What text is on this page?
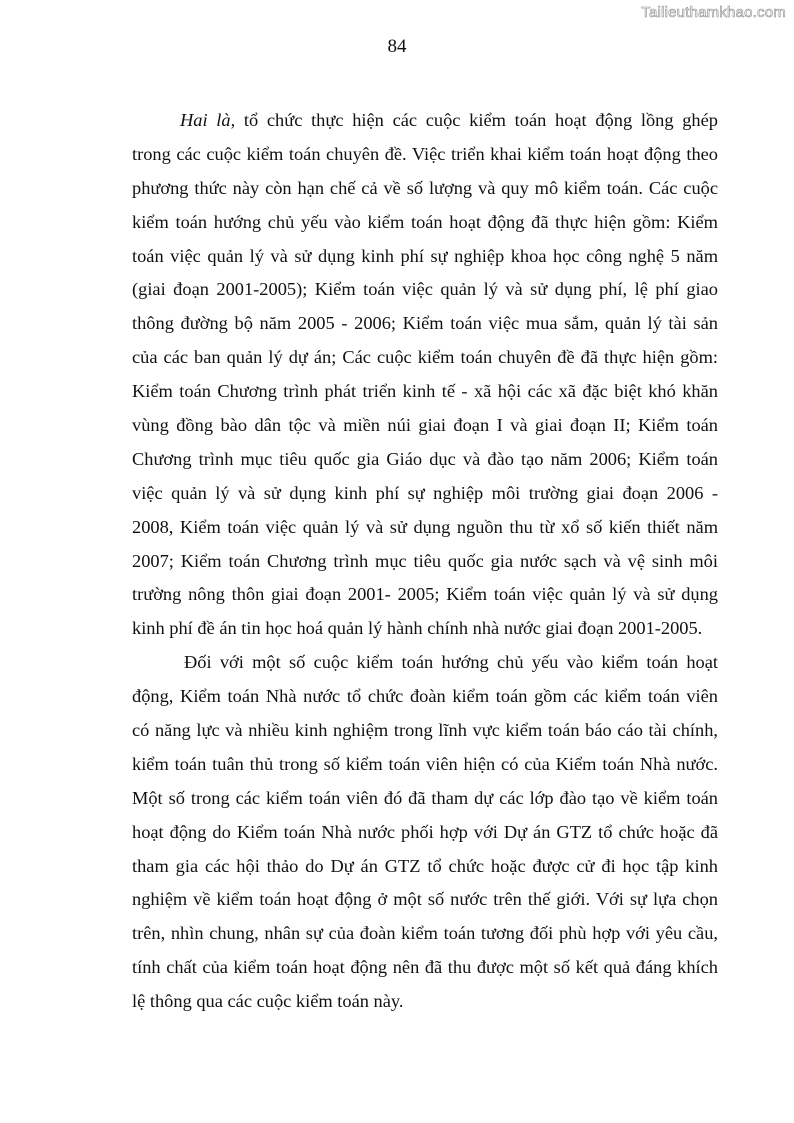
Tailieuthamkhao.com
84
Hai là, tổ chức thực hiện các cuộc kiểm toán hoạt động lồng ghép
trong các cuộc kiểm toán chuyên đề. Việc triển khai kiểm toán hoạt động theo
phương thức này còn hạn chế cả về số lượng và quy mô kiểm toán. Các cuộc
kiểm toán hướng chủ yếu vào kiểm toán hoạt động đã thực hiện gồm: Kiểm
toán việc quản lý và sử dụng kinh phí sự nghiệp khoa học công nghệ 5 năm
(giai đoạn 2001-2005); Kiểm toán việc quản lý và sử dụng phí, lệ phí giao
thông đường bộ năm 2005 - 2006; Kiểm toán việc mua sắm, quản lý tài sản
của các ban quản lý dự án; Các cuộc kiểm toán chuyên đề đã thực hiện gồm:
Kiểm toán Chương trình phát triển kinh tế - xã hội các xã đặc biệt khó khăn
vùng đồng bào dân tộc và miền núi giai đoạn I và giai đoạn II; Kiểm toán
Chương trình mục tiêu quốc gia Giáo dục và đào tạo năm 2006; Kiểm toán
việc quản lý và sử dụng kinh phí sự nghiệp môi trường giai đoạn 2006 -
2008, Kiểm toán việc quản lý và sử dụng nguồn thu từ xổ số kiến thiết năm
2007; Kiểm toán Chương trình mục tiêu quốc gia nước sạch và vệ sinh môi
trường nông thôn giai đoạn 2001- 2005; Kiểm toán việc quản lý và sử dụng
kinh phí đề án tin học hoá quản lý hành chính nhà nước giai đoạn 2001-2005.
Đối với một số cuộc kiểm toán hướng chủ yếu vào kiểm toán hoạt
động, Kiểm toán Nhà nước tổ chức đoàn kiểm toán gồm các kiểm toán viên
có năng lực và nhiều kinh nghiệm trong lĩnh vực kiểm toán báo cáo tài chính,
kiểm toán tuân thủ trong số kiểm toán viên hiện có của Kiểm toán Nhà nước.
Một số trong các kiểm toán viên đó đã tham dự các lớp đào tạo về kiểm toán
hoạt động do Kiểm toán Nhà nước phối hợp với Dự án GTZ tổ chức hoặc đã
tham gia các hội thảo do Dự án GTZ tổ chức hoặc được cử đi học tập kinh
nghiệm về kiểm toán hoạt động ở một số nước trên thế giới. Với sự lựa chọn
trên, nhìn chung, nhân sự của đoàn kiểm toán tương đối phù hợp với yêu cầu,
tính chất của kiểm toán hoạt động nên đã thu được một số kết quả đáng khích
lệ thông qua các cuộc kiểm toán này.
